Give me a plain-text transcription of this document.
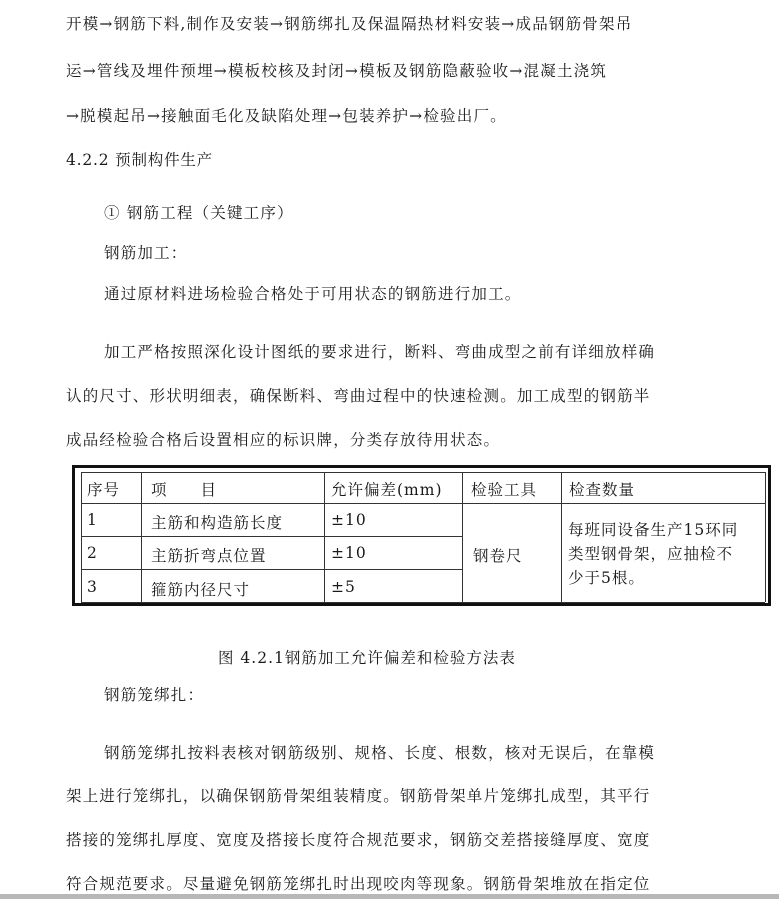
开模→钢筋下料,制作及安装→钢筋绑扎及保温隔热材料安装→成品钢筋骨架吊
运→管线及埋件预埋→模板校核及封闭→模板及钢筋隐蔽验收→混凝土浇筑
→脱模起吊→接触面毛化及缺陷处理→包装养护→检验出厂。
4.2.2 预制构件生产
① 钢筋工程（关键工序）
钢筋加工：
通过原材料进场检验合格处于可用状态的钢筋进行加工。
加工严格按照深化设计图纸的要求进行，断料、弯曲成型之前有详细放样确
认的尺寸、形状明细表，确保断料、弯曲过程中的快速检测。加工成型的钢筋半
成品经检验合格后设置相应的标识牌，分类存放待用状态。
序号 项　　目	允许偏差(mm) 检验工具 检查数量
1	主筋和构造筋长度	±10
2	主筋折弯点位置	±10
3	箍筋内径尺寸	±5
钢卷尺
每班同设备生产15环同
类型钢骨架，应抽检不
少于5根。
图 4.2.1钢筋加工允许偏差和检验方法表
钢筋笼绑扎：
钢筋笼绑扎按料表核对钢筋级别、规格、长度、根数，核对无误后，在靠模
架上进行笼绑扎，以确保钢筋骨架组装精度。钢筋骨架单片笼绑扎成型，其平行
搭接的笼绑扎厚度、宽度及搭接长度符合规范要求，钢筋交差搭接缝厚度、宽度
符合规范要求。尽量避免钢筋笼绑扎时出现咬肉等现象。钢筋骨架堆放在指定位
